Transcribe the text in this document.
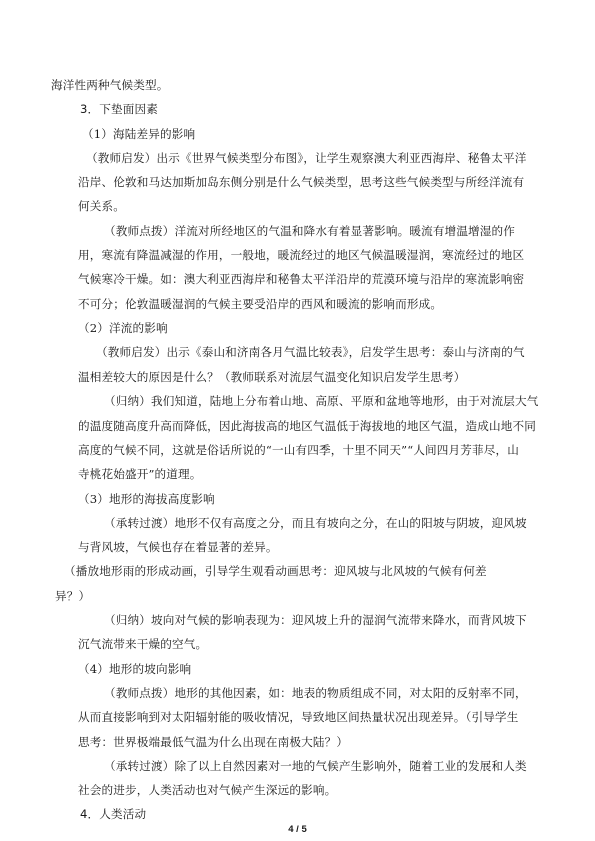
海洋性两种气候类型。
3．下垫面因素
（1）海陆差异的影响
（教师启发）出示《世界气候类型分布图》，让学生观察澳大利亚西海岸、秘鲁太平洋
沿岸、伦敦和马达加斯加岛东侧分别是什么气候类型，思考这些气候类型与所经洋流有
何关系。
（教师点拨）洋流对所经地区的气温和降水有着显著影响。暖流有增温增湿的作
用，寒流有降温减湿的作用，一般地，暖流经过的地区气候温暖湿润，寒流经过的地区
气候寒冷干燥。如：澳大利亚西海岸和秘鲁太平洋沿岸的荒漠环境与沿岸的寒流影响密
不可分；伦敦温暖湿润的气候主要受沿岸的西风和暖流的影响而形成。
（2）洋流的影响
（教师启发）出示《泰山和济南各月气温比较表》，启发学生思考：泰山与济南的气
温相差较大的原因是什么？（教师联系对流层气温变化知识启发学生思考）
（归纳）我们知道，陆地上分布着山地、高原、平原和盆地等地形，由于对流层大气
的温度随高度升高而降低，因此海拔高的地区气温低于海拔地的地区气温，造成山地不同
高度的气候不同，这就是俗话所说的“一山有四季，十里不同天”“人间四月芳菲尽，山
寺桃花始盛开”的道理。
（3）地形的海拔高度影响
（承转过渡）地形不仅有高度之分，而且有坡向之分，在山的阳坡与阴坡，迎风坡
与背风坡，气候也存在着显著的差异。
（播放地形雨的形成动画，引导学生观看动画思考：迎风坡与北风坡的气候有何差
异？）
（归纳）坡向对气候的影响表现为：迎风坡上升的湿润气流带来降水，而背风坡下
沉气流带来干燥的空气。
（4）地形的坡向影响
（教师点拨）地形的其他因素，如：地表的物质组成不同，对太阳的反射率不同，
从而直接影响到对太阳辐射能的吸收情况，导致地区间热量状况出现差异。（引导学生
思考：世界极端最低气温为什么出现在南极大陆？）
（承转过渡）除了以上自然因素对一地的气候产生影响外，随着工业的发展和人类
社会的进步，人类活动也对气候产生深远的影响。
4．人类活动
4 / 5
